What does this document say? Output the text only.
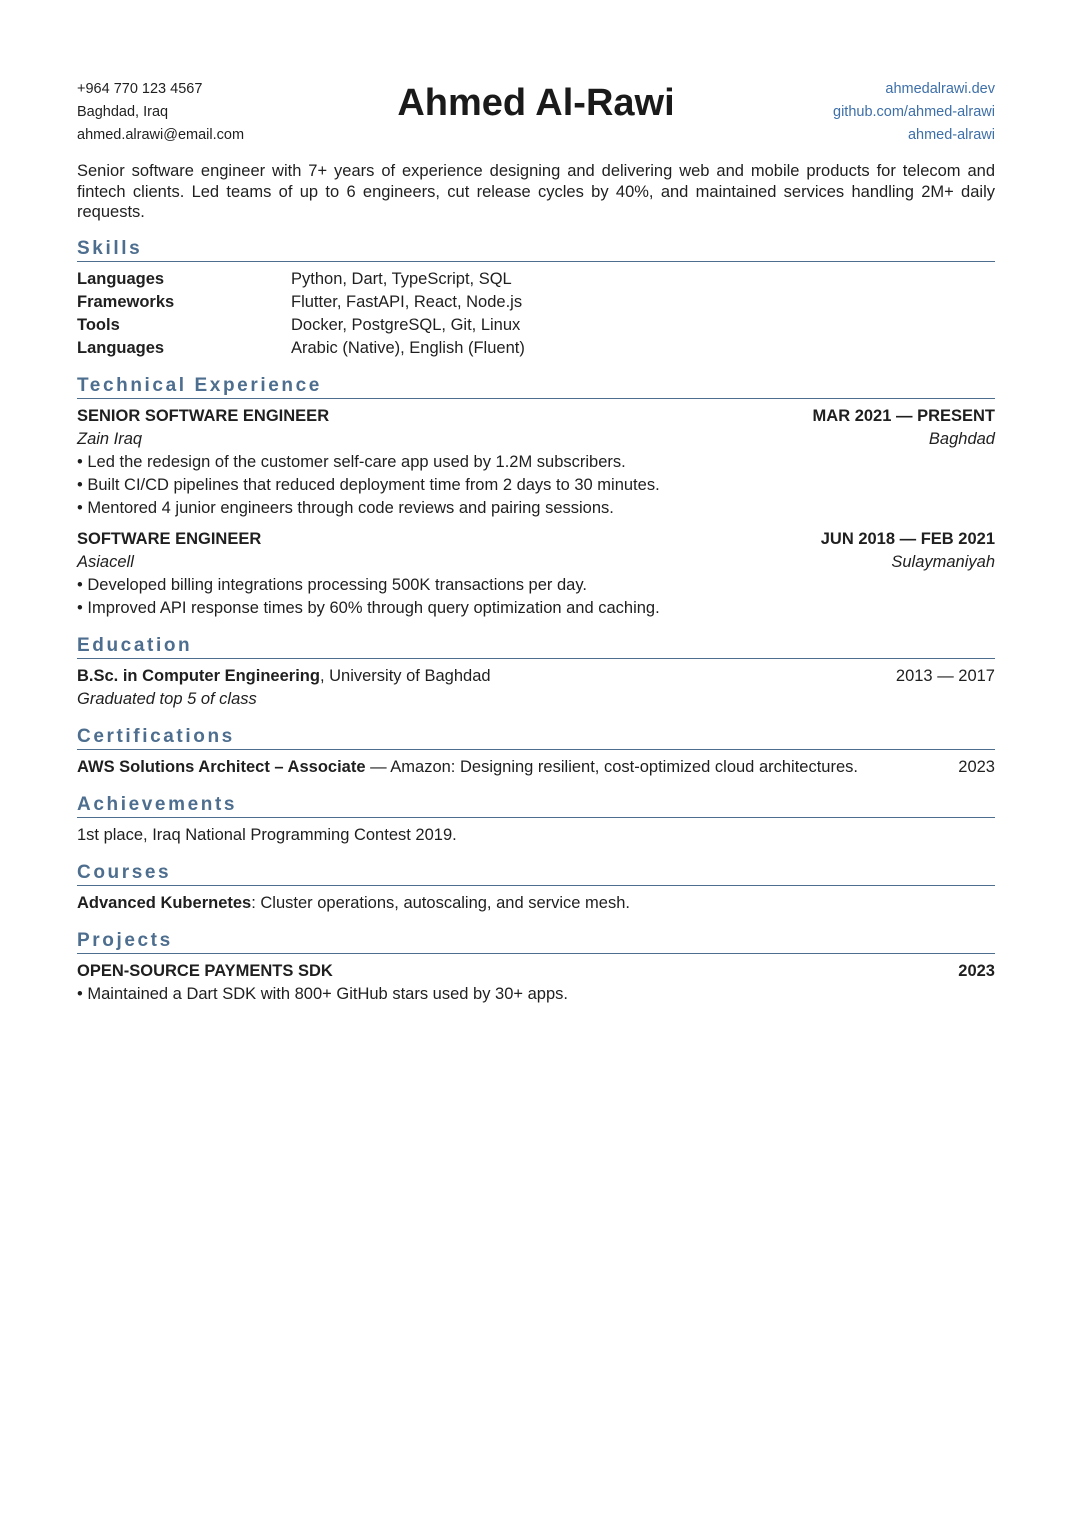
+964 770 123 4567
Baghdad, Iraq
ahmed.alrawi@email.com
Ahmed Al-Rawi	ahmedalrawi.dev
github.com/ahmed-alrawi
ahmed-alrawi
Senior software engineer with 7+ years of experience designing and delivering web and mobile products for telecom and fintech clients. Led teams of up to 6 engineers, cut release cycles by 40%, and maintained services handling 2M+ daily requests.
Skills
Languages	Python, Dart, TypeScript, SQL
Frameworks	Flutter, FastAPI, React, Node.js
Tools	Docker, PostgreSQL, Git, Linux
Languages	Arabic (Native), English (Fluent)
Technical Experience
SENIOR SOFTWARE ENGINEER	MAR 2021 — PRESENT
Zain Iraq	Baghdad
• Led the redesign of the customer self-care app used by 1.2M subscribers.
• Built CI/CD pipelines that reduced deployment time from 2 days to 30 minutes.
• Mentored 4 junior engineers through code reviews and pairing sessions.
SOFTWARE ENGINEER	JUN 2018 — FEB 2021
Asiacell	Sulaymaniyah
• Developed billing integrations processing 500K transactions per day.
• Improved API response times by 60% through query optimization and caching.
Education
B.Sc. in Computer Engineering, University of Baghdad	2013 — 2017
Graduated top 5 of class
Certifications
AWS Solutions Architect – Associate — Amazon: Designing resilient, cost-optimized cloud architectures.	2023
Achievements
1st place, Iraq National Programming Contest 2019.
Courses
Advanced Kubernetes: Cluster operations, autoscaling, and service mesh.
Projects
OPEN-SOURCE PAYMENTS SDK	2023
• Maintained a Dart SDK with 800+ GitHub stars used by 30+ apps.
